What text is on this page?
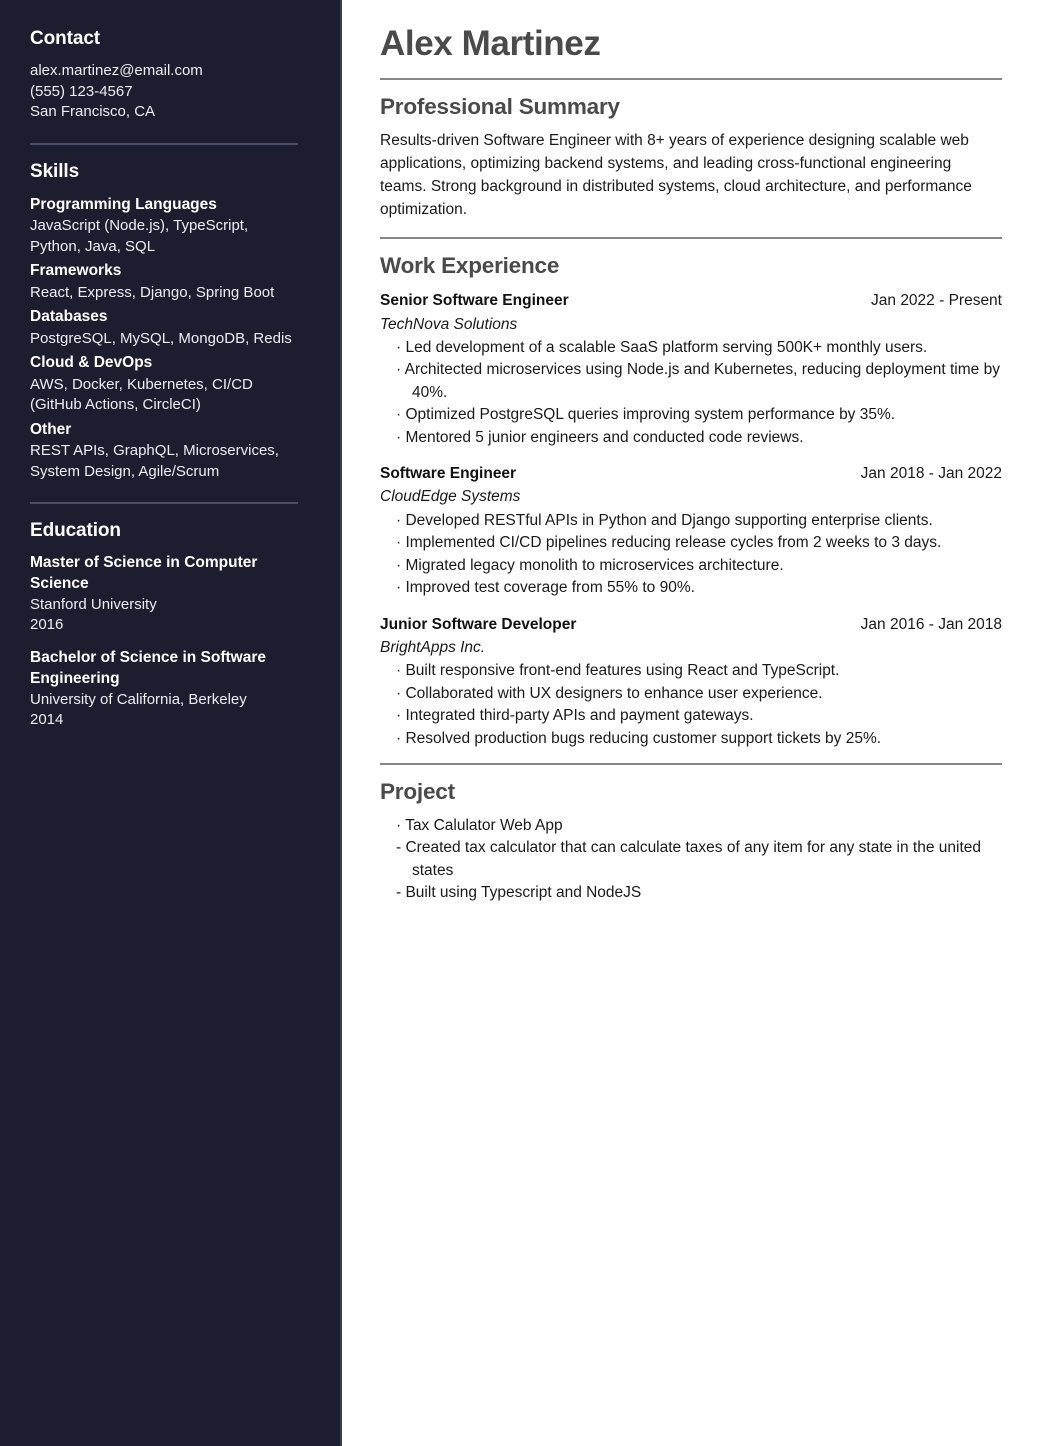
Contact
alex.martinez@email.com
(555) 123-4567
San Francisco, CA
Skills
Programming Languages
JavaScript (Node.js), TypeScript, Python, Java, SQL
Frameworks
React, Express, Django, Spring Boot
Databases
PostgreSQL, MySQL, MongoDB, Redis
Cloud & DevOps
AWS, Docker, Kubernetes, CI/CD (GitHub Actions, CircleCI)
Other
REST APIs, GraphQL, Microservices, System Design, Agile/Scrum
Education
Master of Science in Computer Science
Stanford University
2016
Bachelor of Science in Software Engineering
University of California, Berkeley
2014
Alex Martinez
Professional Summary

Results-driven Software Engineer with 8+ years of experience designing scalable web applications, optimizing backend systems, and leading cross-functional engineering teams. Strong background in distributed systems, cloud architecture, and performance optimization.

Work Experience
Senior Software Engineer	Jan 2022 - Present
TechNova Solutions
· Led development of a scalable SaaS platform serving 500K+ monthly users.
· Architected microservices using Node.js and Kubernetes, reducing deployment time by 40%.
· Optimized PostgreSQL queries improving system performance by 35%.
· Mentored 5 junior engineers and conducted code reviews.
Software Engineer	Jan 2018 - Jan 2022
CloudEdge Systems
· Developed RESTful APIs in Python and Django supporting enterprise clients.
· Implemented CI/CD pipelines reducing release cycles from 2 weeks to 3 days.
· Migrated legacy monolith to microservices architecture.
· Improved test coverage from 55% to 90%.
Junior Software Developer	Jan 2016 - Jan 2018
BrightApps Inc.
· Built responsive front-end features using React and TypeScript.
· Collaborated with UX designers to enhance user experience.
· Integrated third-party APIs and payment gateways.
· Resolved production bugs reducing customer support tickets by 25%.
Project
· Tax Calulator Web App
- Created tax calculator that can calculate taxes of any item for any state in the united states
- Built using Typescript and NodeJS
